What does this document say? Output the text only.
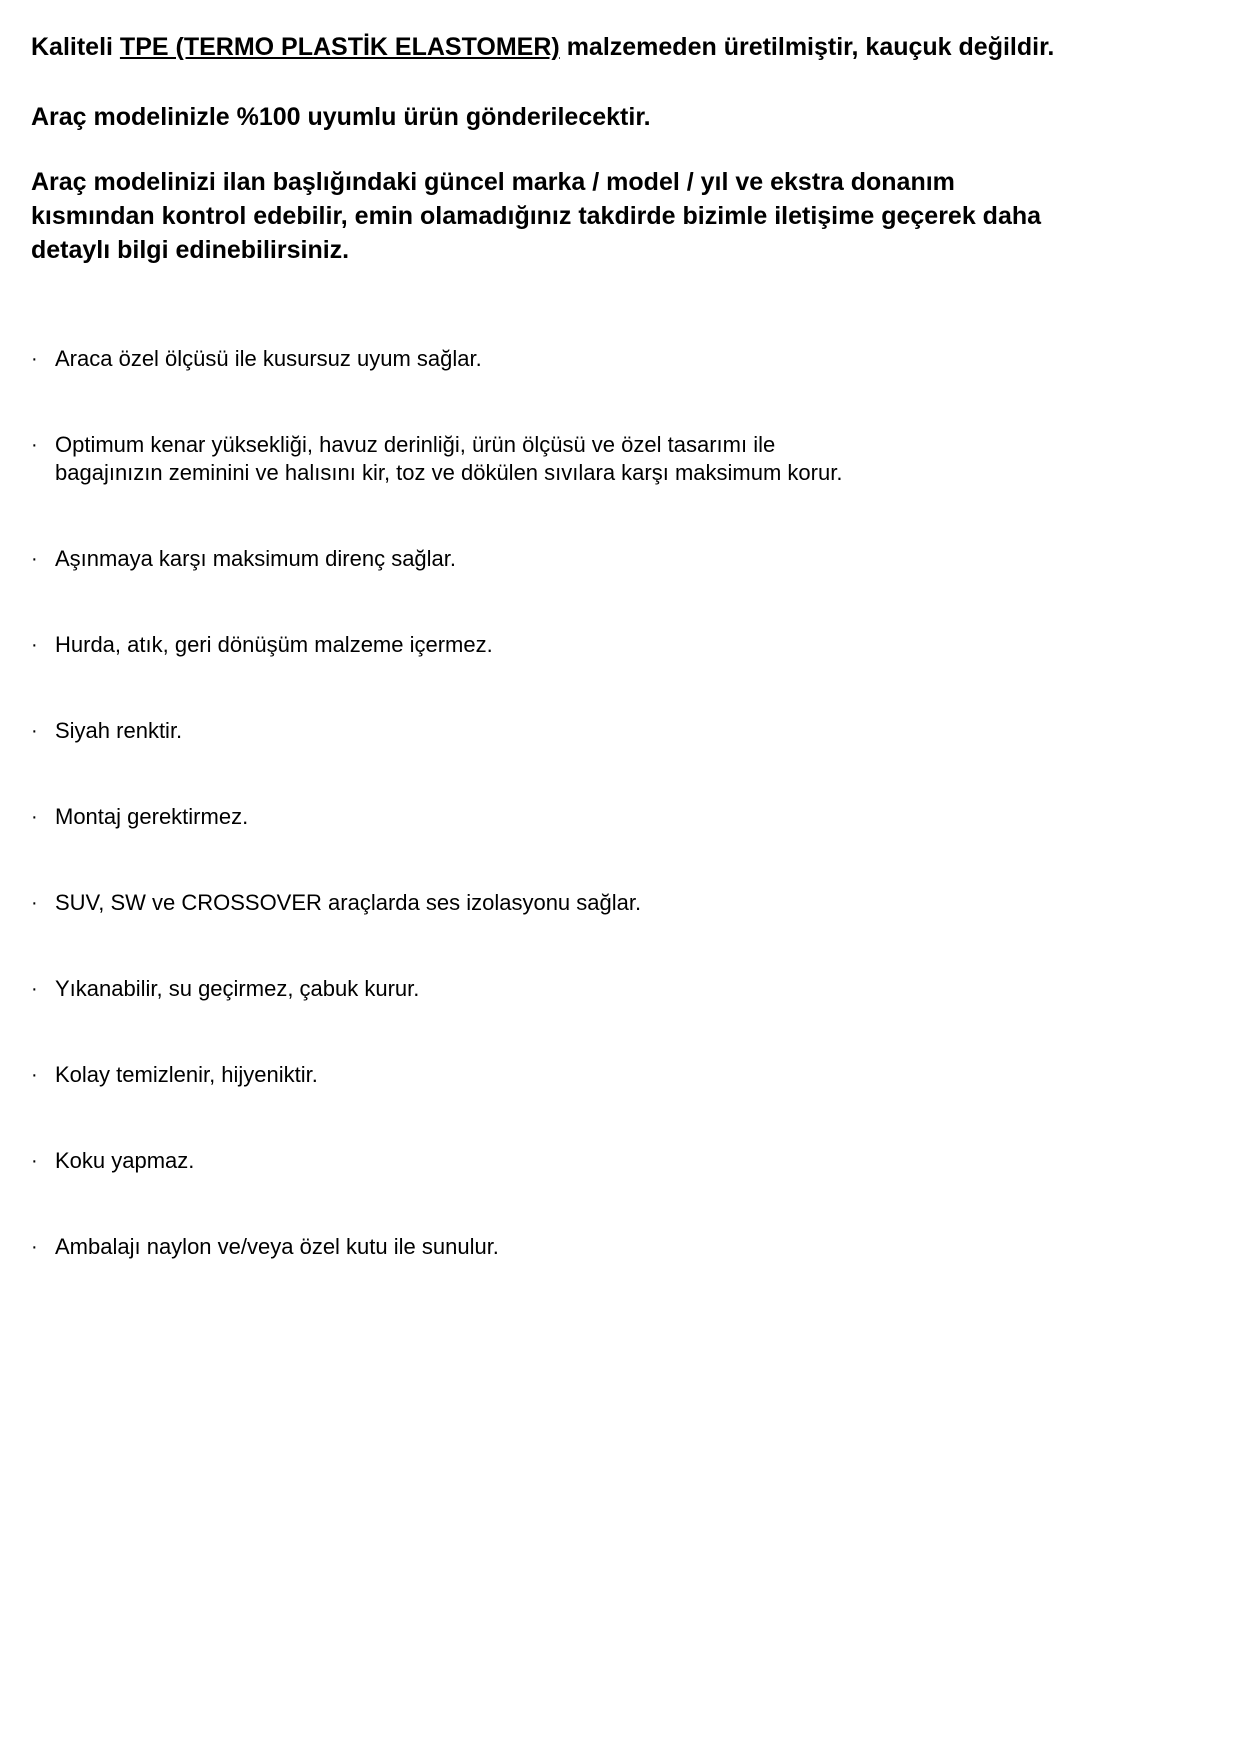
Kaliteli TPE (TERMO PLASTİK ELASTOMER) malzemeden üretilmiştir, kauçuk değildir.

Araç modelinizle %100 uyumlu ürün gönderilecektir.

Araç modelinizi ilan başlığındaki güncel marka / model / yıl ve ekstra donanım
kısmından kontrol edebilir, emin olamadığınız takdirde bizimle iletişime geçerek daha
detaylı bilgi edinebilirsiniz.

· Araca özel ölçüsü ile kusursuz uyum sağlar.
· Optimum kenar yüksekliği, havuz derinliği, ürün ölçüsü ve özel tasarımı ile
bagajınızın zeminini ve halısını kir, toz ve dökülen sıvılara karşı maksimum korur.
· Aşınmaya karşı maksimum direnç sağlar.
· Hurda, atık, geri dönüşüm malzeme içermez.
· Siyah renktir.
· Montaj gerektirmez.
· SUV, SW ve CROSSOVER araçlarda ses izolasyonu sağlar.
· Yıkanabilir, su geçirmez, çabuk kurur.
· Kolay temizlenir, hijyeniktir.
· Koku yapmaz.
· Ambalajı naylon ve/veya özel kutu ile sunulur.
